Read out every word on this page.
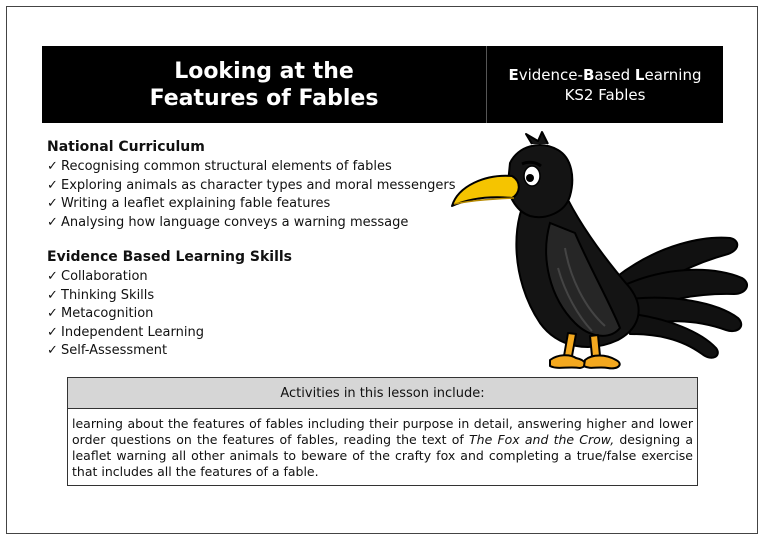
Looking at the
Features of Fables
Evidence-Based Learning
KS2 Fables
National Curriculum
✓ Recognising common structural elements of fables
✓ Exploring animals as character types and moral messengers
✓ Writing a leaflet explaining fable features
✓ Analysing how language conveys a warning message
Evidence Based Learning Skills
✓ Collaboration
✓ Thinking Skills
✓ Metacognition
✓ Independent Learning
✓ Self-Assessment
Activities in this lesson include:
learning about the features of fables including their purpose in detail, answering higher and lower order questions on the features of fables, reading the text of The Fox and the Crow, designing a leaflet warning all other animals to beware of the crafty fox and completing a true/false exercise that includes all the features of a fable.
